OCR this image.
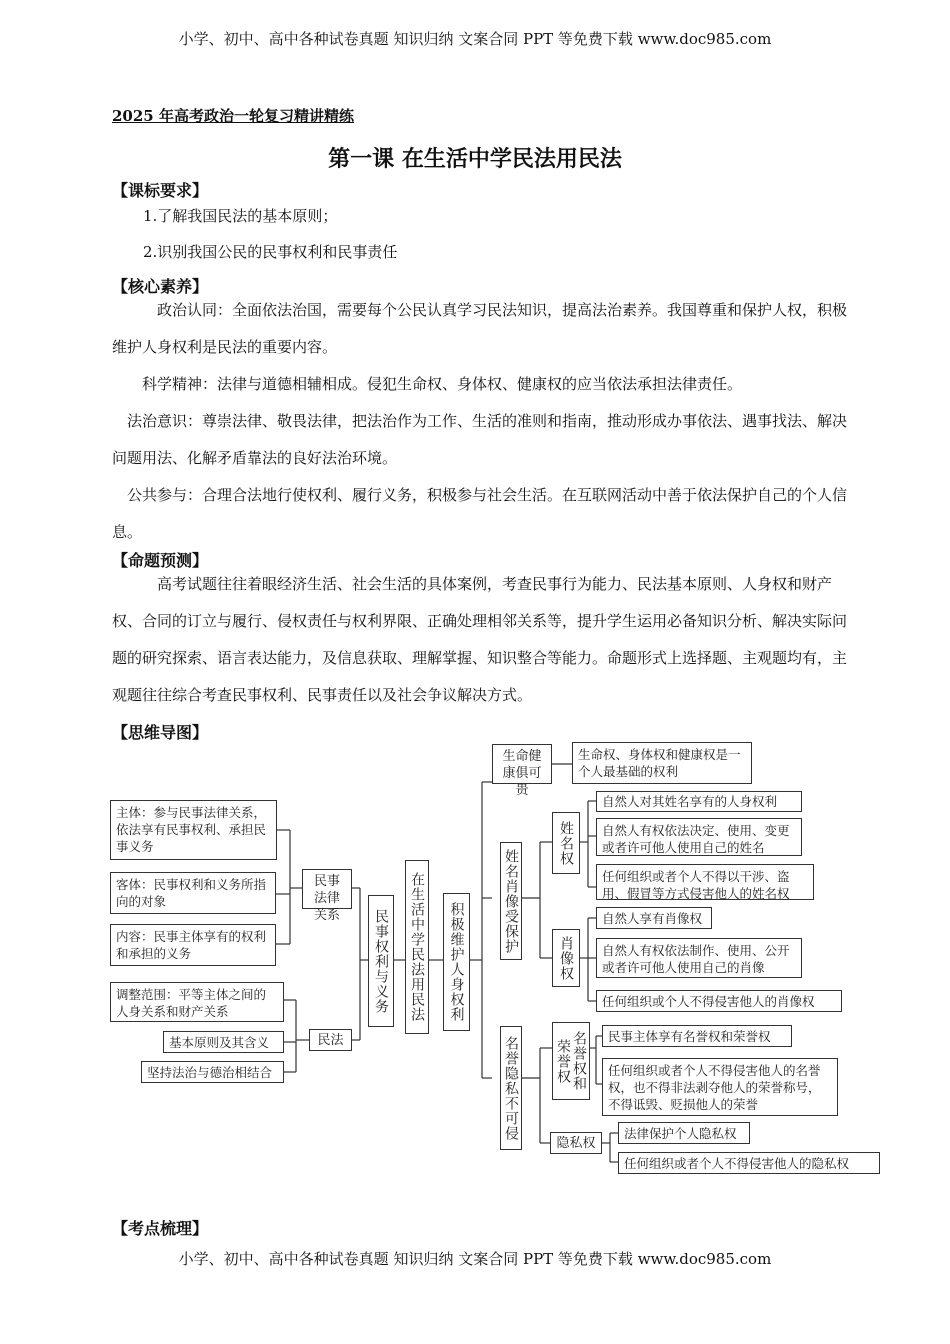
小学、初中、高中各种试卷真题 知识归纳 文案合同 PPT 等免费下载 www.doc985.com
2025 年高考政治一轮复习精讲精练
第一课 在生活中学民法用民法
【课标要求】
1.了解我国民法的基本原则；
2.识别我国公民的民事权利和民事责任
【核心素养】

政治认同：全面依法治国，需要每个公民认真学习民法知识，提高法治素养。我国尊重和保护人权，积极维护人身权利是民法的重要内容。

科学精神：法律与道德相辅相成。侵犯生命权、身体权、健康权的应当依法承担法律责任。

法治意识：尊崇法律、敬畏法律，把法治作为工作、生活的准则和指南，推动形成办事依法、遇事找法、解决问题用法、化解矛盾靠法的良好法治环境。

公共参与：合理合法地行使权利、履行义务，积极参与社会生活。在互联网活动中善于依法保护自己的个人信息。

【命题预测】

高考试题往往着眼经济生活、社会生活的具体案例，考查民事行为能力、民法基本原则、人身权和财产权、合同的订立与履行、侵权责任与权利界限、正确处理相邻关系等，提升学生运用必备知识分析、解决实际问题的研究探索、语言表达能力，及信息获取、理解掌握、知识整合等能力。命题形式上选择题、主观题均有，主观题往往综合考查民事权利、民事责任以及社会争议解决方式。

【思维导图】
主体：参与民事法律关系，依法享有民事权利、承担民事义务
客体：民事权利和义务所指向的对象
内容：民事主体享有的权利和承担的义务
民事法律关系
调整范围：平等主体之间的人身关系和财产关系
基本原则及其含义
坚持法治与德治相结合
民法
民事权利与义务 在生活中学民法用民法 积极维护人身权利
生命健康俱可贵
生命权、身体权和健康权是一个人最基础的权利
姓名肖像受保护
姓名权
自然人对其姓名享有的人身权利
自然人有权依法决定、使用、变更或者许可他人使用自己的姓名
任何组织或者个人不得以干涉、盗用、假冒等方式侵害他人的姓名权
肖像权
自然人享有肖像权
自然人有权依法制作、使用、公开或者许可他人使用自己的肖像
任何组织或个人不得侵害他人的肖像权
名誉隐私不可侵	名誉权和荣誉权
民事主体享有名誉权和荣誉权
任何组织或者个人不得侵害他人的名誉权，也不得非法剥夺他人的荣誉称号，不得诋毁、贬损他人的荣誉
隐私权
法律保护个人隐私权
任何组织或者个人不得侵害他人的隐私权
【考点梳理】
小学、初中、高中各种试卷真题 知识归纳 文案合同 PPT 等免费下载 www.doc985.com
